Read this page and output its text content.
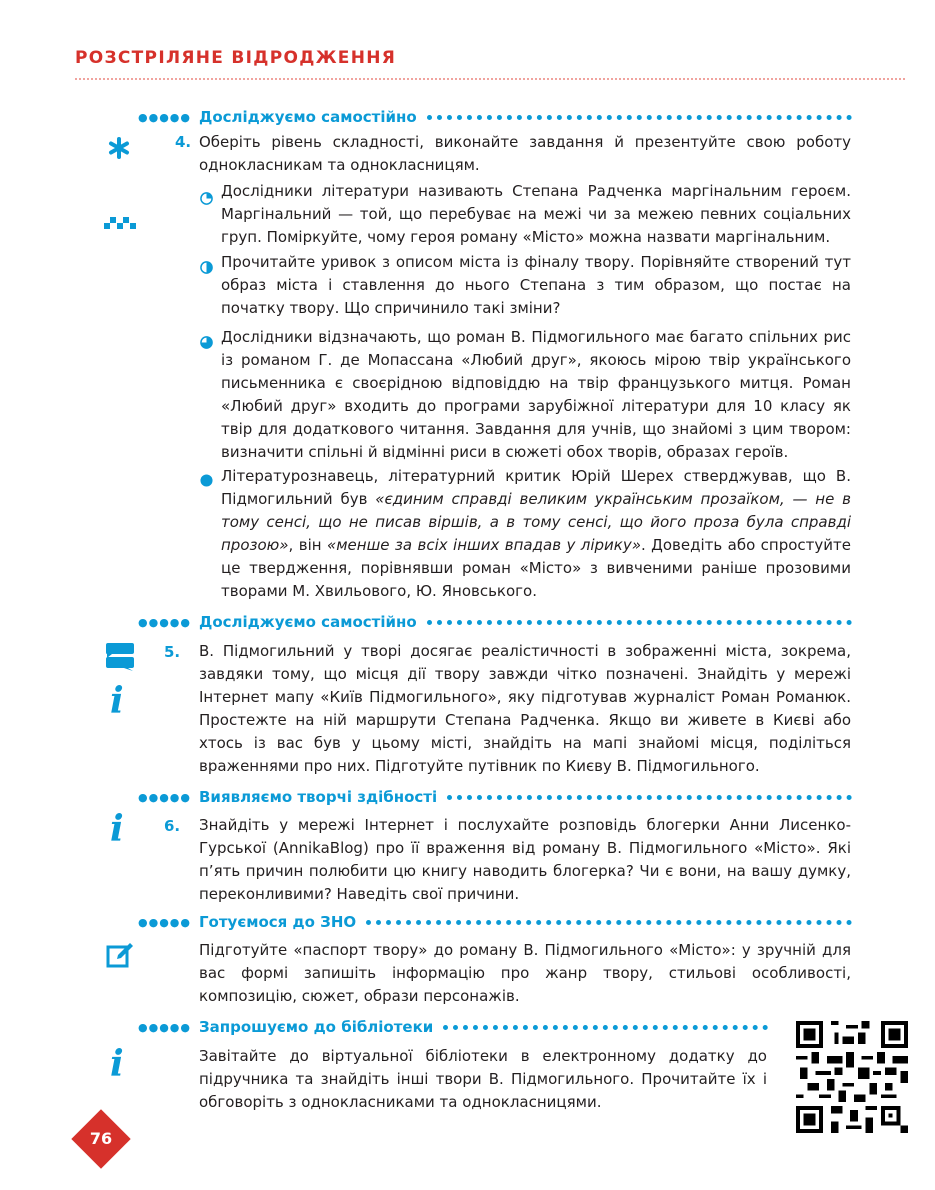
РОЗСТРІЛЯНЕ ВІДРОДЖЕННЯ
●●●●● Досліджуємо самостійно
4. Оберіть рівень складності, виконайте завдання й презентуйте свою роботу однокласникам та однокласницям.
Дослідники літератури називають Степана Радченка маргінальним героєм. Маргінальний — той, що перебуває на межі чи за межею певних соціальних груп. Поміркуйте, чому героя роману «Місто» можна назвати маргінальним.
Прочитайте уривок з описом міста із фіналу твору. Порівняйте створений тут образ міста і ставлення до нього Степана з тим образом, що постає на початку твору. Що спричинило такі зміни?
Дослідники відзначають, що роман В. Підмогильного має багато спільних рис із романом Г. де Мопассана «Любий друг», якоюсь мірою твір українського письменника є своєрідною відповіддю на твір французького митця. Роман «Любий друг» входить до програми зарубіжної літератури для 10 класу як твір для додаткового читання. Завдання для учнів, що знайомі з цим твором: визначити спільні й відмінні риси в сюжеті обох творів, образах героїв.
Літературознавець, літературний критик Юрій Шерех стверджував, що В. Підмогильний був «єдиним справді великим українським прозаїком, — не в тому сенсі, що не писав віршів, а в тому сенсі, що його проза була справді прозою», він «менше за всіх інших впадав у лірику». Доведіть або спростуйте це твердження, порівнявши роман «Місто» з вивченими раніше прозовими творами М. Хвильового, Ю. Яновського.
●●●●● Досліджуємо самостійно
i
5. В. Підмогильний у творі досягає реалістичності в зображенні міста, зокрема, завдяки тому, що місця дії твору завжди чітко позначені. Знайдіть у мережі Інтернет мапу «Київ Підмогильного», яку підготував журналіст Роман Романюк. Простежте на ній маршрути Степана Радченка. Якщо ви живете в Києві або хтось із вас був у цьому місті, знайдіть на мапі знайомі місця, поділіться враженнями про них. Підготуйте путівник по Києву В. Підмогильного.
●●●●● Виявляємо творчі здібності
i	6. Знайдіть у мережі Інтернет і послухайте розповідь блогерки Анни Лисенко-Гурської (AnnikaBlog) про її враження від роману В. Підмогильного «Місто». Які п’ять причин полюбити цю книгу наводить блогерка? Чи є вони, на вашу думку, переконливими? Наведіть свої причини.
●●●●● Готуємося до ЗНО
Підготуйте «паспорт твору» до роману В. Підмогильного «Місто»: у зручній для вас формі запишіть інформацію про жанр твору, стильові особливості, композицію, сюжет, образи персонажів.
●●●●● Запрошуємо до бібліотеки
i	Завітайте до віртуальної бібліотеки в електронному додатку до підручника та знайдіть інші твори В. Підмогильного. Прочитайте їх і обговоріть з однокласниками та однокласницями.
76
